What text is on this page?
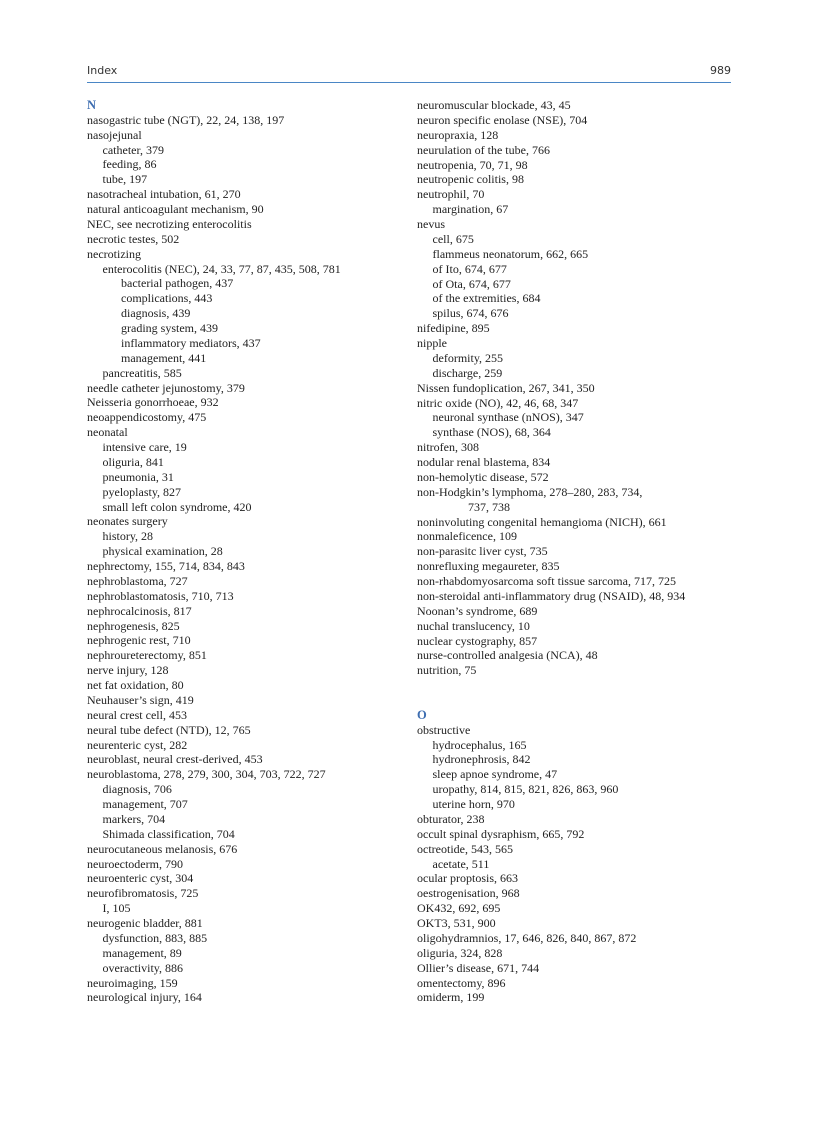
Index	989
N
nasogastric tube (NGT), 22, 24, 138, 197
nasojejunal
catheter, 379
feeding, 86
tube, 197
nasotracheal intubation, 61, 270
natural anticoagulant mechanism, 90
NEC, see necrotizing enterocolitis
necrotic testes, 502
necrotizing
enterocolitis (NEC), 24, 33, 77, 87, 435, 508, 781
bacterial pathogen, 437
complications, 443
diagnosis, 439
grading system, 439
inflammatory mediators, 437
management, 441
pancreatitis, 585
needle catheter jejunostomy, 379
Neisseria gonorrhoeae, 932
neoappendicostomy, 475
neonatal
intensive care, 19
oliguria, 841
pneumonia, 31
pyeloplasty, 827
small left colon syndrome, 420
neonates surgery
history, 28
physical examination, 28
nephrectomy, 155, 714, 834, 843
nephroblastoma, 727
nephroblastomatosis, 710, 713
nephrocalcinosis, 817
nephrogenesis, 825
nephrogenic rest, 710
nephroureterectomy, 851
nerve injury, 128
net fat oxidation, 80
Neuhauser’s sign, 419
neural crest cell, 453
neural tube defect (NTD), 12, 765
neurenteric cyst, 282
neuroblast, neural crest-derived, 453
neuroblastoma, 278, 279, 300, 304, 703, 722, 727
diagnosis, 706
management, 707
markers, 704
Shimada classification, 704
neurocutaneous melanosis, 676
neuroectoderm, 790
neuroenteric cyst, 304
neurofibromatosis, 725
I, 105
neurogenic bladder, 881
dysfunction, 883, 885
management, 89
overactivity, 886
neuroimaging, 159
neurological injury, 164
neuromuscular blockade, 43, 45
neuron specific enolase (NSE), 704
neuropraxia, 128
neurulation of the tube, 766
neutropenia, 70, 71, 98
neutropenic colitis, 98
neutrophil, 70
margination, 67
nevus
cell, 675
flammeus neonatorum, 662, 665
of Ito, 674, 677
of Ota, 674, 677
of the extremities, 684
spilus, 674, 676
nifedipine, 895
nipple
deformity, 255
discharge, 259
Nissen fundoplication, 267, 341, 350
nitric oxide (NO), 42, 46, 68, 347
neuronal synthase (nNOS), 347
synthase (NOS), 68, 364
nitrofen, 308
nodular renal blastema, 834
non-hemolytic disease, 572
non-Hodgkin’s lymphoma, 278–280, 283, 734,
737, 738
noninvoluting congenital hemangioma (NICH), 661
nonmaleficence, 109
non-parasitc liver cyst, 735
nonrefluxing megaureter, 835
non-rhabdomyosarcoma soft tissue sarcoma, 717, 725
non-steroidal anti-inflammatory drug (NSAID), 48, 934
Noonan’s syndrome, 689
nuchal translucency, 10
nuclear cystography, 857
nurse-controlled analgesia (NCA), 48
nutrition, 75
O
obstructive
hydrocephalus, 165
hydronephrosis, 842
sleep apnoe syndrome, 47
uropathy, 814, 815, 821, 826, 863, 960
uterine horn, 970
obturator, 238
occult spinal dysraphism, 665, 792
octreotide, 543, 565
acetate, 511
ocular proptosis, 663
oestrogenisation, 968
OK432, 692, 695
OKT3, 531, 900
oligohydramnios, 17, 646, 826, 840, 867, 872
oliguria, 324, 828
Ollier’s disease, 671, 744
omentectomy, 896
omiderm, 199
